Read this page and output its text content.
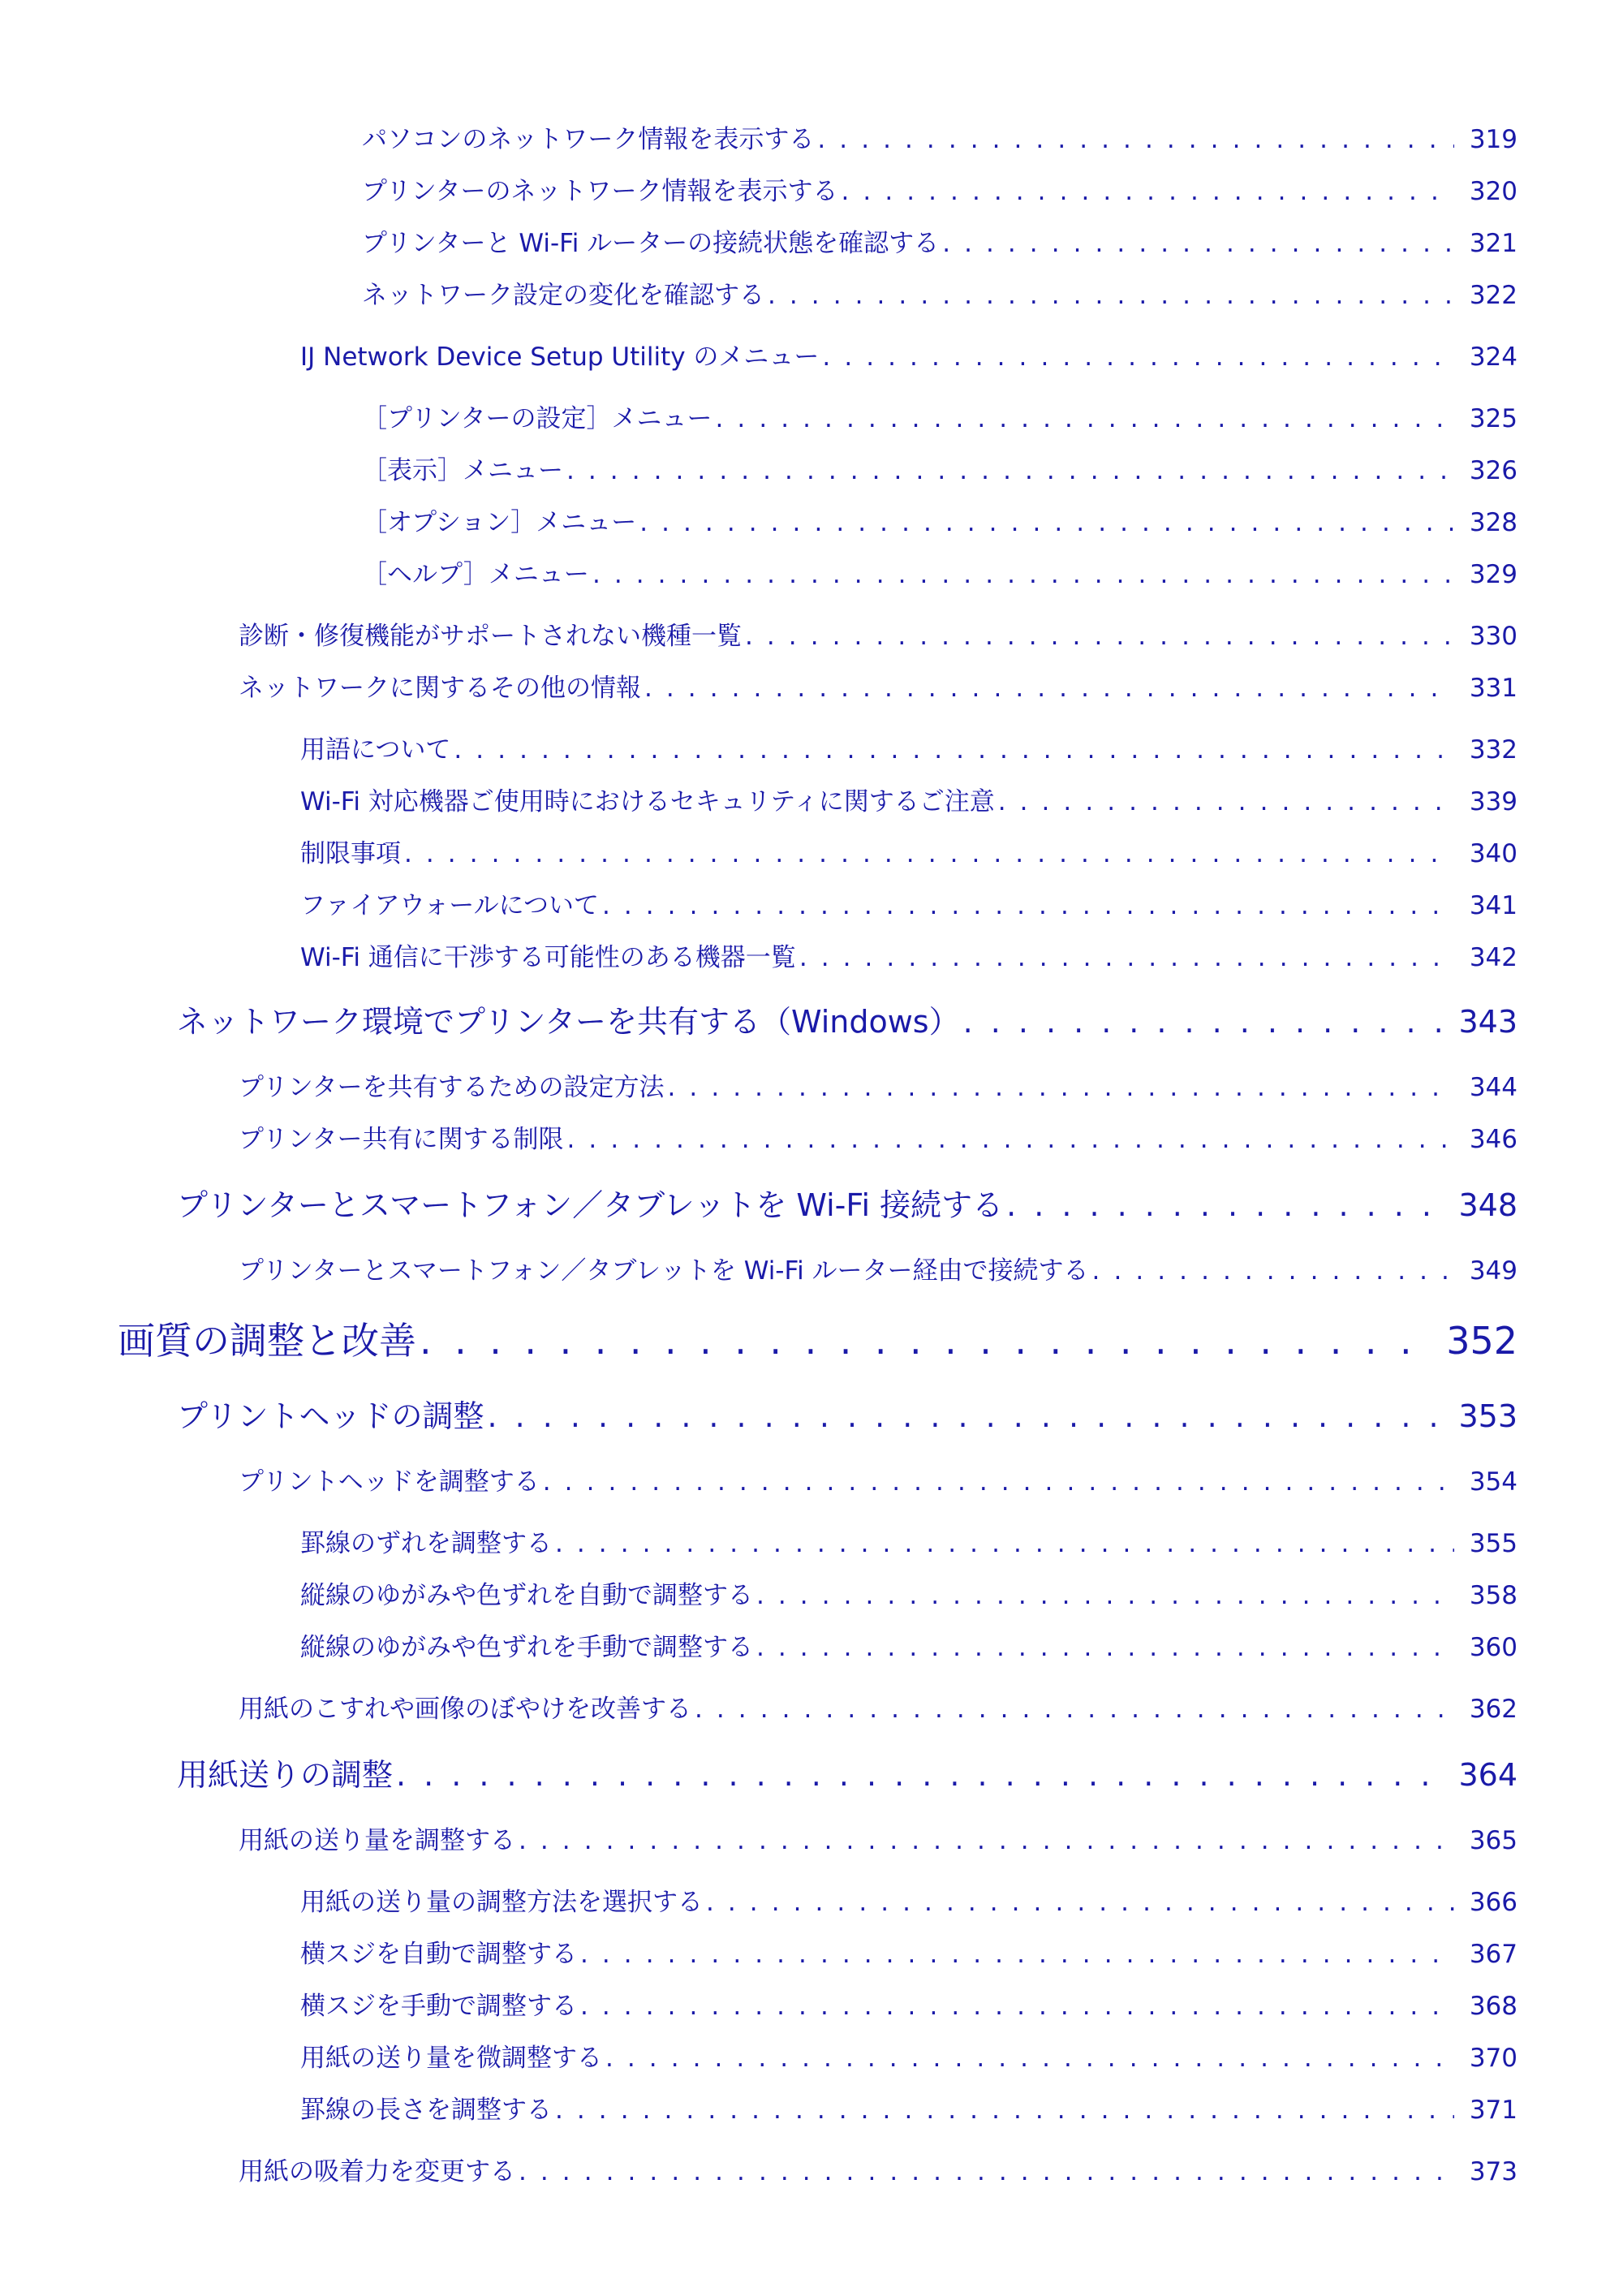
パソコンのネットワーク情報を表示する .....	319
プリンターのネットワーク情報を表示する .....	320
プリンターと Wi-Fi ルーターの接続状態を確認する .....	321
ネットワーク設定の変化を確認する .....	322
IJ Network Device Setup Utility のメニュー .....	324
［プリンターの設定］メニュー .....	325
［表示］メニュー .....	326
［オプション］メニュー .....	328
［ヘルプ］メニュー .....	329
診断・修復機能がサポートされない機種一覧 .....	330
ネットワークに関するその他の情報 .....	331
用語について .....	332
Wi-Fi 対応機器ご使用時におけるセキュリティに関するご注意 .....	339
制限事項 .....	340
ファイアウォールについて .....	341
Wi-Fi 通信に干渉する可能性のある機器一覧 .....	342
ネットワーク環境でプリンターを共有する（Windows） .....	343
プリンターを共有するための設定方法 .....	344
プリンター共有に関する制限 .....	346
プリンターとスマートフォン／タブレットを Wi-Fi 接続する .....	348
プリンターとスマートフォン／タブレットを Wi-Fi ルーター経由で接続する .....	349
画質の調整と改善 .....	352
プリントヘッドの調整 .....	353
プリントヘッドを調整する .....	354
罫線のずれを調整する .....	355
縦線のゆがみや色ずれを自動で調整する .....	358
縦線のゆがみや色ずれを手動で調整する .....	360
用紙のこすれや画像のぼやけを改善する .....	362
用紙送りの調整 .....	364
用紙の送り量を調整する .....	365
用紙の送り量の調整方法を選択する .....	366
横スジを自動で調整する .....	367
横スジを手動で調整する .....	368
用紙の送り量を微調整する .....	370
罫線の長さを調整する .....	371
用紙の吸着力を変更する .....	373
